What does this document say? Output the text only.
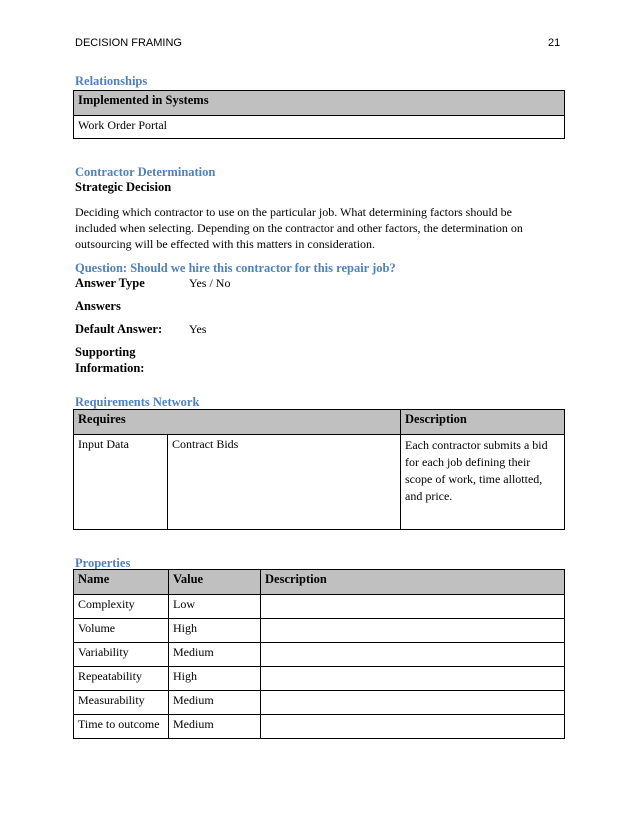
DECISION FRAMING	21
Relationships
Implemented in Systems
Work Order Portal
Contractor Determination
Strategic Decision
Deciding which contractor to use on the particular job. What determining factors should be
included when selecting. Depending on the contractor and other factors, the determination on
outsourcing will be effected with this matters in consideration.
Question: Should we hire this contractor for this repair job?
Answer Type	Yes / No
Answers
Default Answer: Yes
Supporting
Information:
Requirements Network
Requires		Description
Input Data	Contract Bids	Each contractor submits a bid
for each job defining their
scope of work, time allotted,
and price.
Properties
Name	Value	Description
Complexity	Low	
Volume	High	
Variability	Medium	
Repeatability	High	
Measurability	Medium	
Time to outcome	Medium	
